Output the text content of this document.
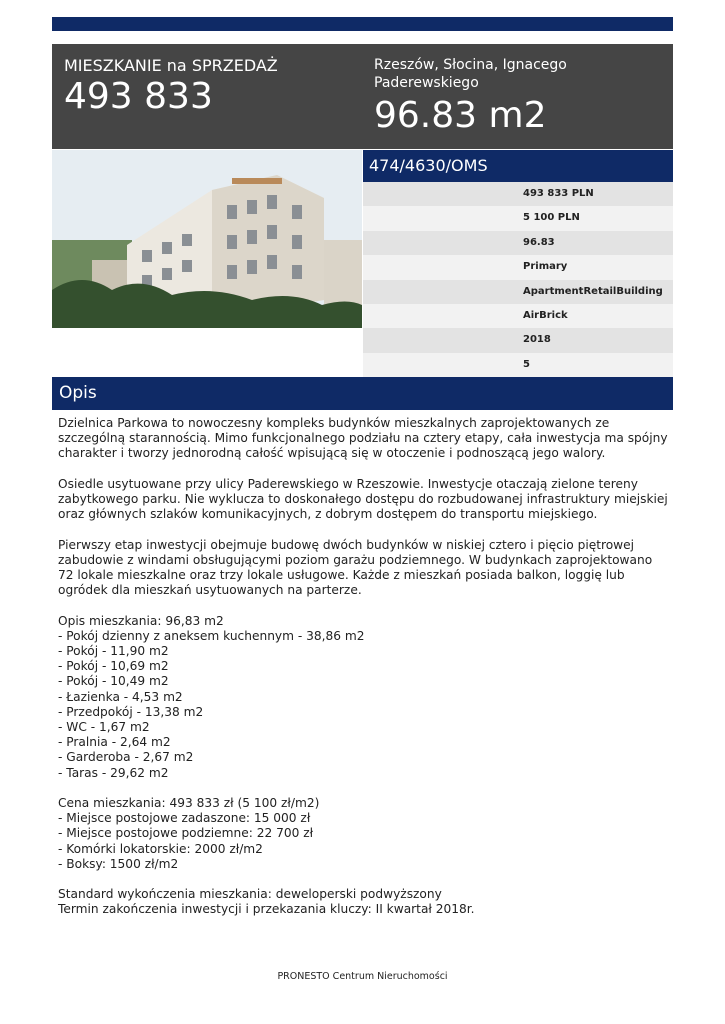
MIESZKANIE na SPRZEDAŻ
493 833
Rzeszów, Słocina, Ignacego Paderewskiego
96.83 m2
474/4630/OMS
493 833 PLN
5 100 PLN
96.83
Primary
ApartmentRetailBuilding
AirBrick
2018
5
Opis

Dzielnica Parkowa to nowoczesny kompleks budynków mieszkalnych zaprojektowanych ze szczególną starannością. Mimo funkcjonalnego podziału na cztery etapy, cała inwestycja ma spójny charakter i tworzy jednorodną całość wpisującą się w otoczenie i podnoszącą jego walory.

Osiedle usytuowane przy ulicy Paderewskiego w Rzeszowie. Inwestycje otaczają zielone tereny zabytkowego parku. Nie wyklucza to doskonałego dostępu do rozbudowanej infrastruktury miejskiej oraz głównych szlaków komunikacyjnych, z dobrym dostępem do transportu miejskiego.

Pierwszy etap inwestycji obejmuje budowę dwóch budynków w niskiej cztero i pięcio piętrowej zabudowie z windami obsługującymi poziom garażu podziemnego. W budynkach zaprojektowano 72 lokale mieszkalne oraz trzy lokale usługowe. Każde z mieszkań posiada balkon, loggię lub ogródek dla mieszkań usytuowanych na parterze.

Opis mieszkania: 96,83 m2
- Pokój dzienny z aneksem kuchennym - 38,86 m2
- Pokój - 11,90 m2
- Pokój - 10,69 m2
- Pokój - 10,49 m2
- Łazienka - 4,53 m2
- Przedpokój - 13,38 m2
- WC - 1,67 m2
- Pralnia - 2,64 m2
- Garderoba - 2,67 m2
- Taras - 29,62 m2

Cena mieszkania: 493 833 zł (5 100 zł/m2)
- Miejsce postojowe zadaszone: 15 000 zł
- Miejsce postojowe podziemne: 22 700 zł
- Komórki lokatorskie: 2000 zł/m2
- Boksy: 1500 zł/m2

Standard wykończenia mieszkania: deweloperski podwyższony
Termin zakończenia inwestycji i przekazania kluczy: II kwartał 2018r.

PRONESTO Centrum Nieruchomości
